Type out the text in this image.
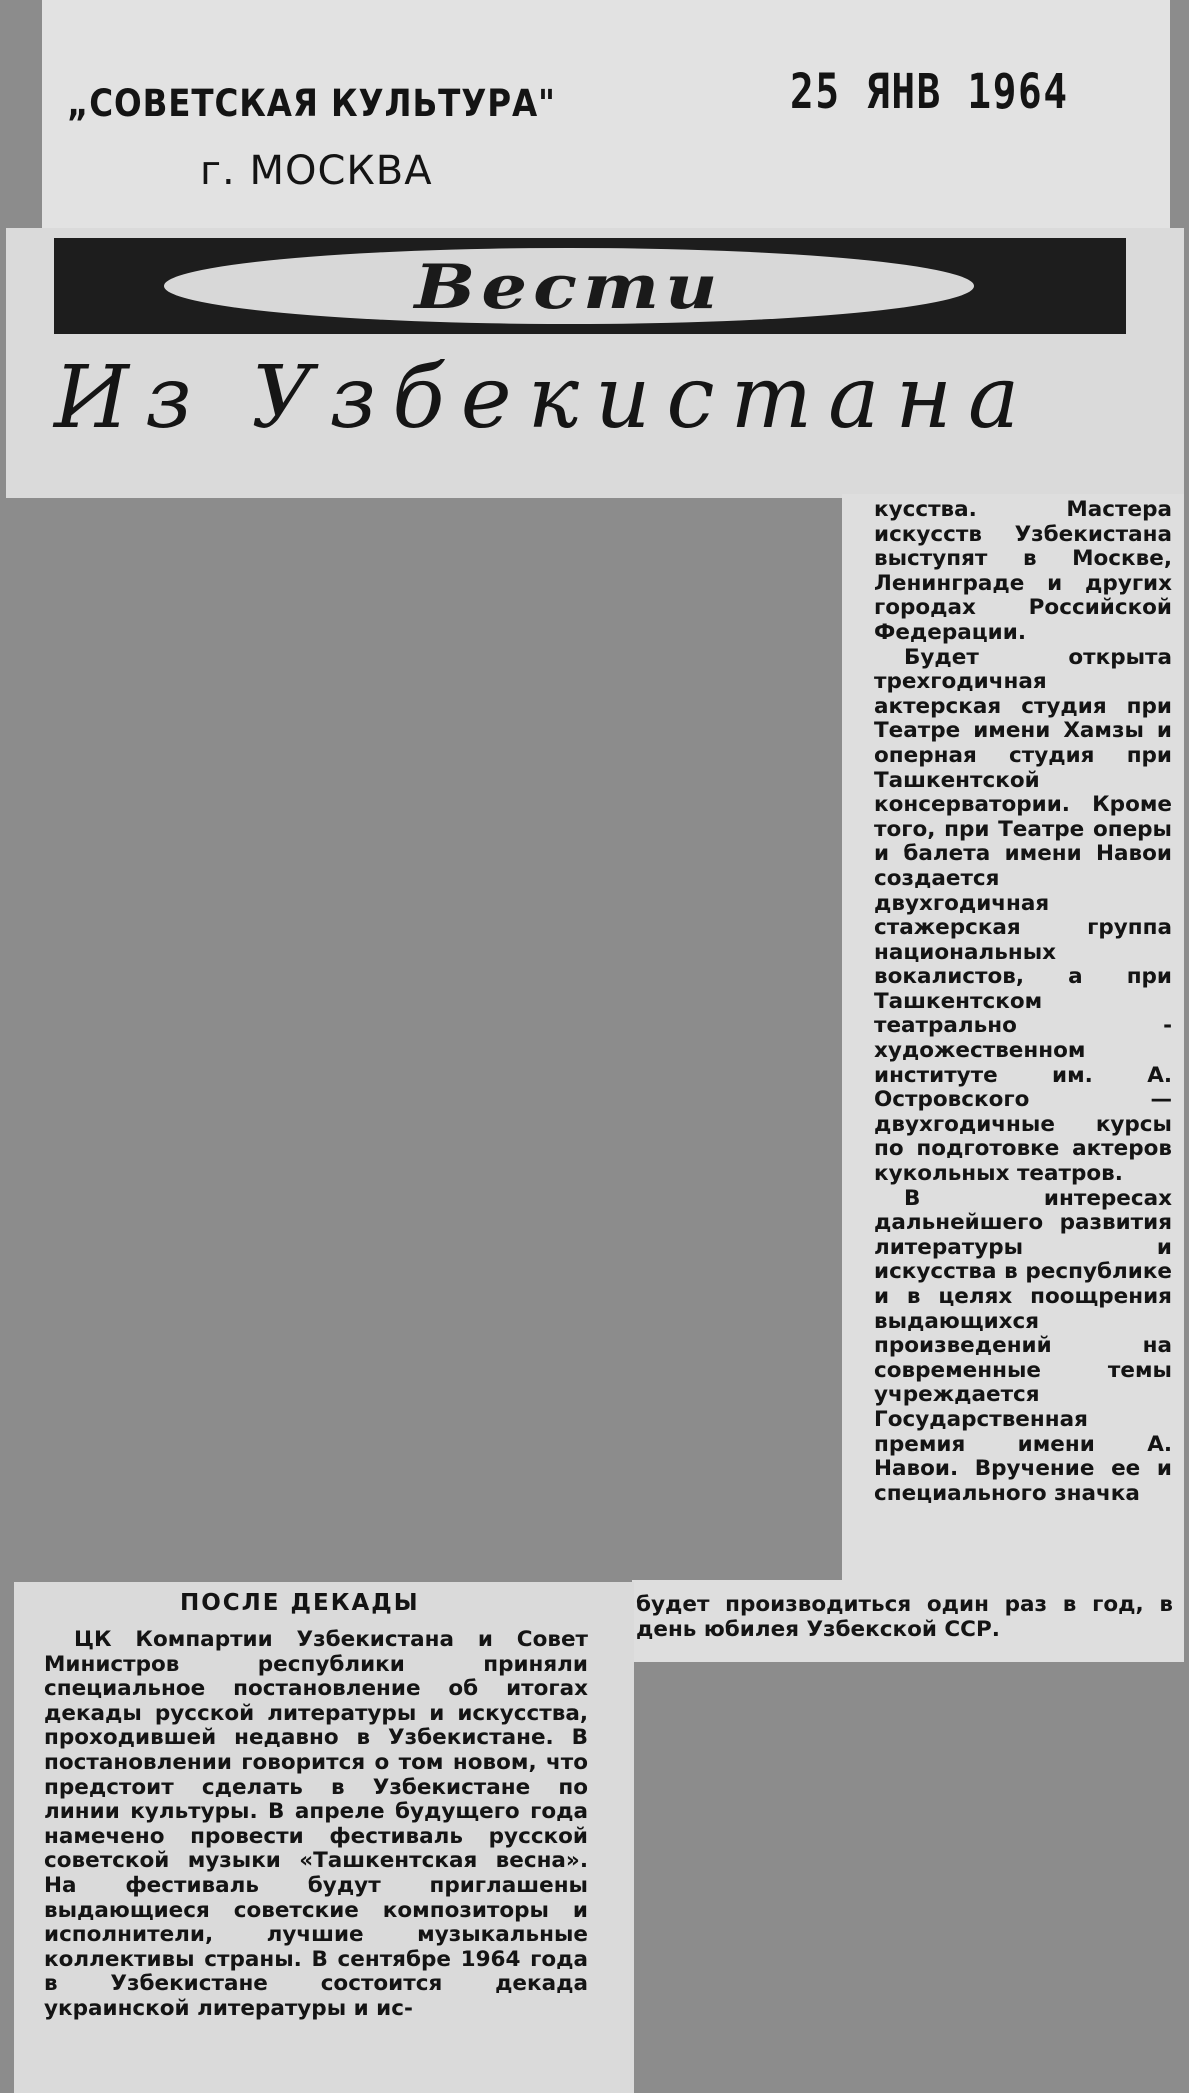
„СОВЕТСКАЯ КУЛЬТУРА"
г. МОСКВА
25 ЯНВ 1964
Вести
Из Узбекистана
кусства. Мастера искусств Узбекистана выступят в Москве, Ленинграде и других городах Российской Федерации.
Будет открыта трехгодичная актерская студия при Театре имени Хамзы и оперная студия при Ташкентской консерватории. Кроме того, при Театре оперы и балета имени Навои создается двухгодичная стажерская группа национальных вокалистов, а при Ташкентском театрально - художественном институте им. А. Островского — двухгодичные курсы по подготовке актеров кукольных театров.
В интересах дальнейшего развития литературы и искусства в республике и в целях поощрения выдающихся произведений на современные темы учреждается Государственная премия имени А. Навои. Вручение ее и специального значка
будет производиться один раз в год, в день юбилея Узбекской ССР.
ПОСЛЕ ДЕКАДЫ
ЦК Компартии Узбекистана и Совет Министров республики приняли специальное постановление об итогах декады русской литературы и искусства, проходившей недавно в Узбекистане. В постановлении говорится о том новом, что предстоит сделать в Узбекистане по линии культуры. В апреле будущего года намечено провести фестиваль русской советской музыки «Ташкентская весна». На фестиваль будут приглашены выдающиеся советские композиторы и исполнители, лучшие музыкальные коллективы страны. В сентябре 1964 года в Узбекистане состоится декада украинской литературы и ис-
